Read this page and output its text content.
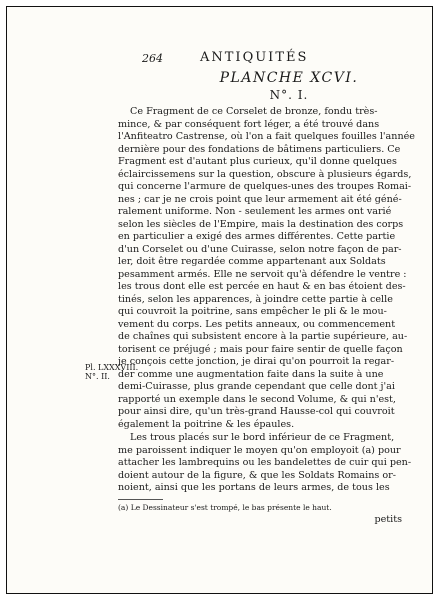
264	ANTIQUITÉS
PLANCHE XCVI.
N°. I.
Ce Fragment de ce Corselet de bronze, fondu très-
mince, & par conséquent fort léger, a été trouvé dans
l'Anfiteatro Castrense, où l'on a fait quelques fouilles l'année
dernière pour des fondations de bâtimens particuliers. Ce
Fragment est d'autant plus curieux, qu'il donne quelques
éclaircissemens sur la question, obscure à plusieurs égards,
qui concerne l'armure de quelques-unes des troupes Romai-
nes ; car je ne crois point que leur armement ait été géné-
ralement uniforme. Non - seulement les armes ont varié
selon les siècles de l'Empire, mais la destination des corps
en particulier a exigé des armes différentes. Cette partie
d'un Corselet ou d'une Cuirasse, selon notre façon de par-
ler, doit être regardée comme appartenant aux Soldats
pesamment armés. Elle ne servoit qu'à défendre le ventre :
les trous dont elle est percée en haut & en bas étoient des-
tinés, selon les apparences, à joindre cette partie à celle
qui couvroit la poitrine, sans empêcher le pli & le mou-
vement du corps. Les petits anneaux, ou commencement
de chaînes qui subsistent encore à la partie supérieure, au-
torisent ce préjugé ; mais pour faire sentir de quelle façon
je conçois cette jonction, je dirai qu'on pourroit la regar-
der comme une augmentation faite dans la suite à une
demi-Cuirasse, plus grande cependant que celle dont j'ai
rapporté un exemple dans le second Volume, & qui n'est,
pour ainsi dire, qu'un très-grand Hausse-col qui couvroit
également la poitrine & les épaules.
Les trous placés sur le bord inférieur de ce Fragment,
me paroissent indiquer le moyen qu'on employoit (a) pour
attacher les lambrequins ou les bandelettes de cuir qui pen-
doient autour de la figure, & que les Soldats Romains or-
noient, ainsi que les portans de leurs armes, de tous les
(a) Le Dessinateur s'est trompé, le bas présente le haut.
petits
Pl. LXXXVIII.
N°. II.
